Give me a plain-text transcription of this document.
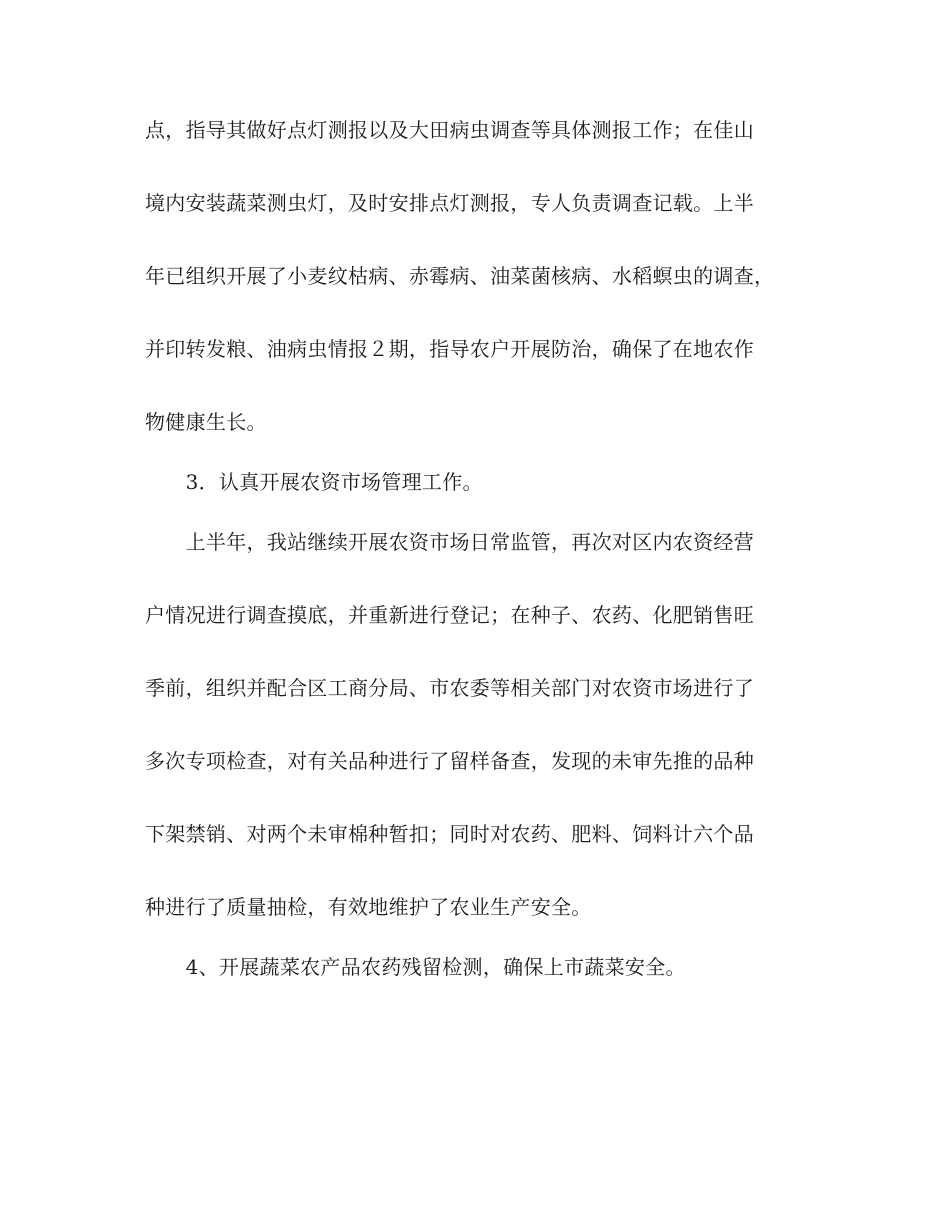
点，指导其做好点灯测报以及大田病虫调查等具体测报工作；在佳山

境内安装蔬菜测虫灯，及时安排点灯测报，专人负责调查记载。上半

年已组织开展了小麦纹枯病、赤霉病、油菜菌核病、水稻螟虫的调查，

并印转发粮、油病虫情报２期，指导农户开展防治，确保了在地农作

物健康生长。

　　3．认真开展农资市场管理工作。

　　上半年，我站继续开展农资市场日常监管，再次对区内农资经营

户情况进行调查摸底，并重新进行登记；在种子、农药、化肥销售旺

季前，组织并配合区工商分局、市农委等相关部门对农资市场进行了

多次专项检查，对有关品种进行了留样备查，发现的未审先推的品种

下架禁销、对两个未审棉种暂扣；同时对农药、肥料、饲料计六个品

种进行了质量抽检，有效地维护了农业生产安全。

　　4、开展蔬菜农产品农药残留检测，确保上市蔬菜安全。
